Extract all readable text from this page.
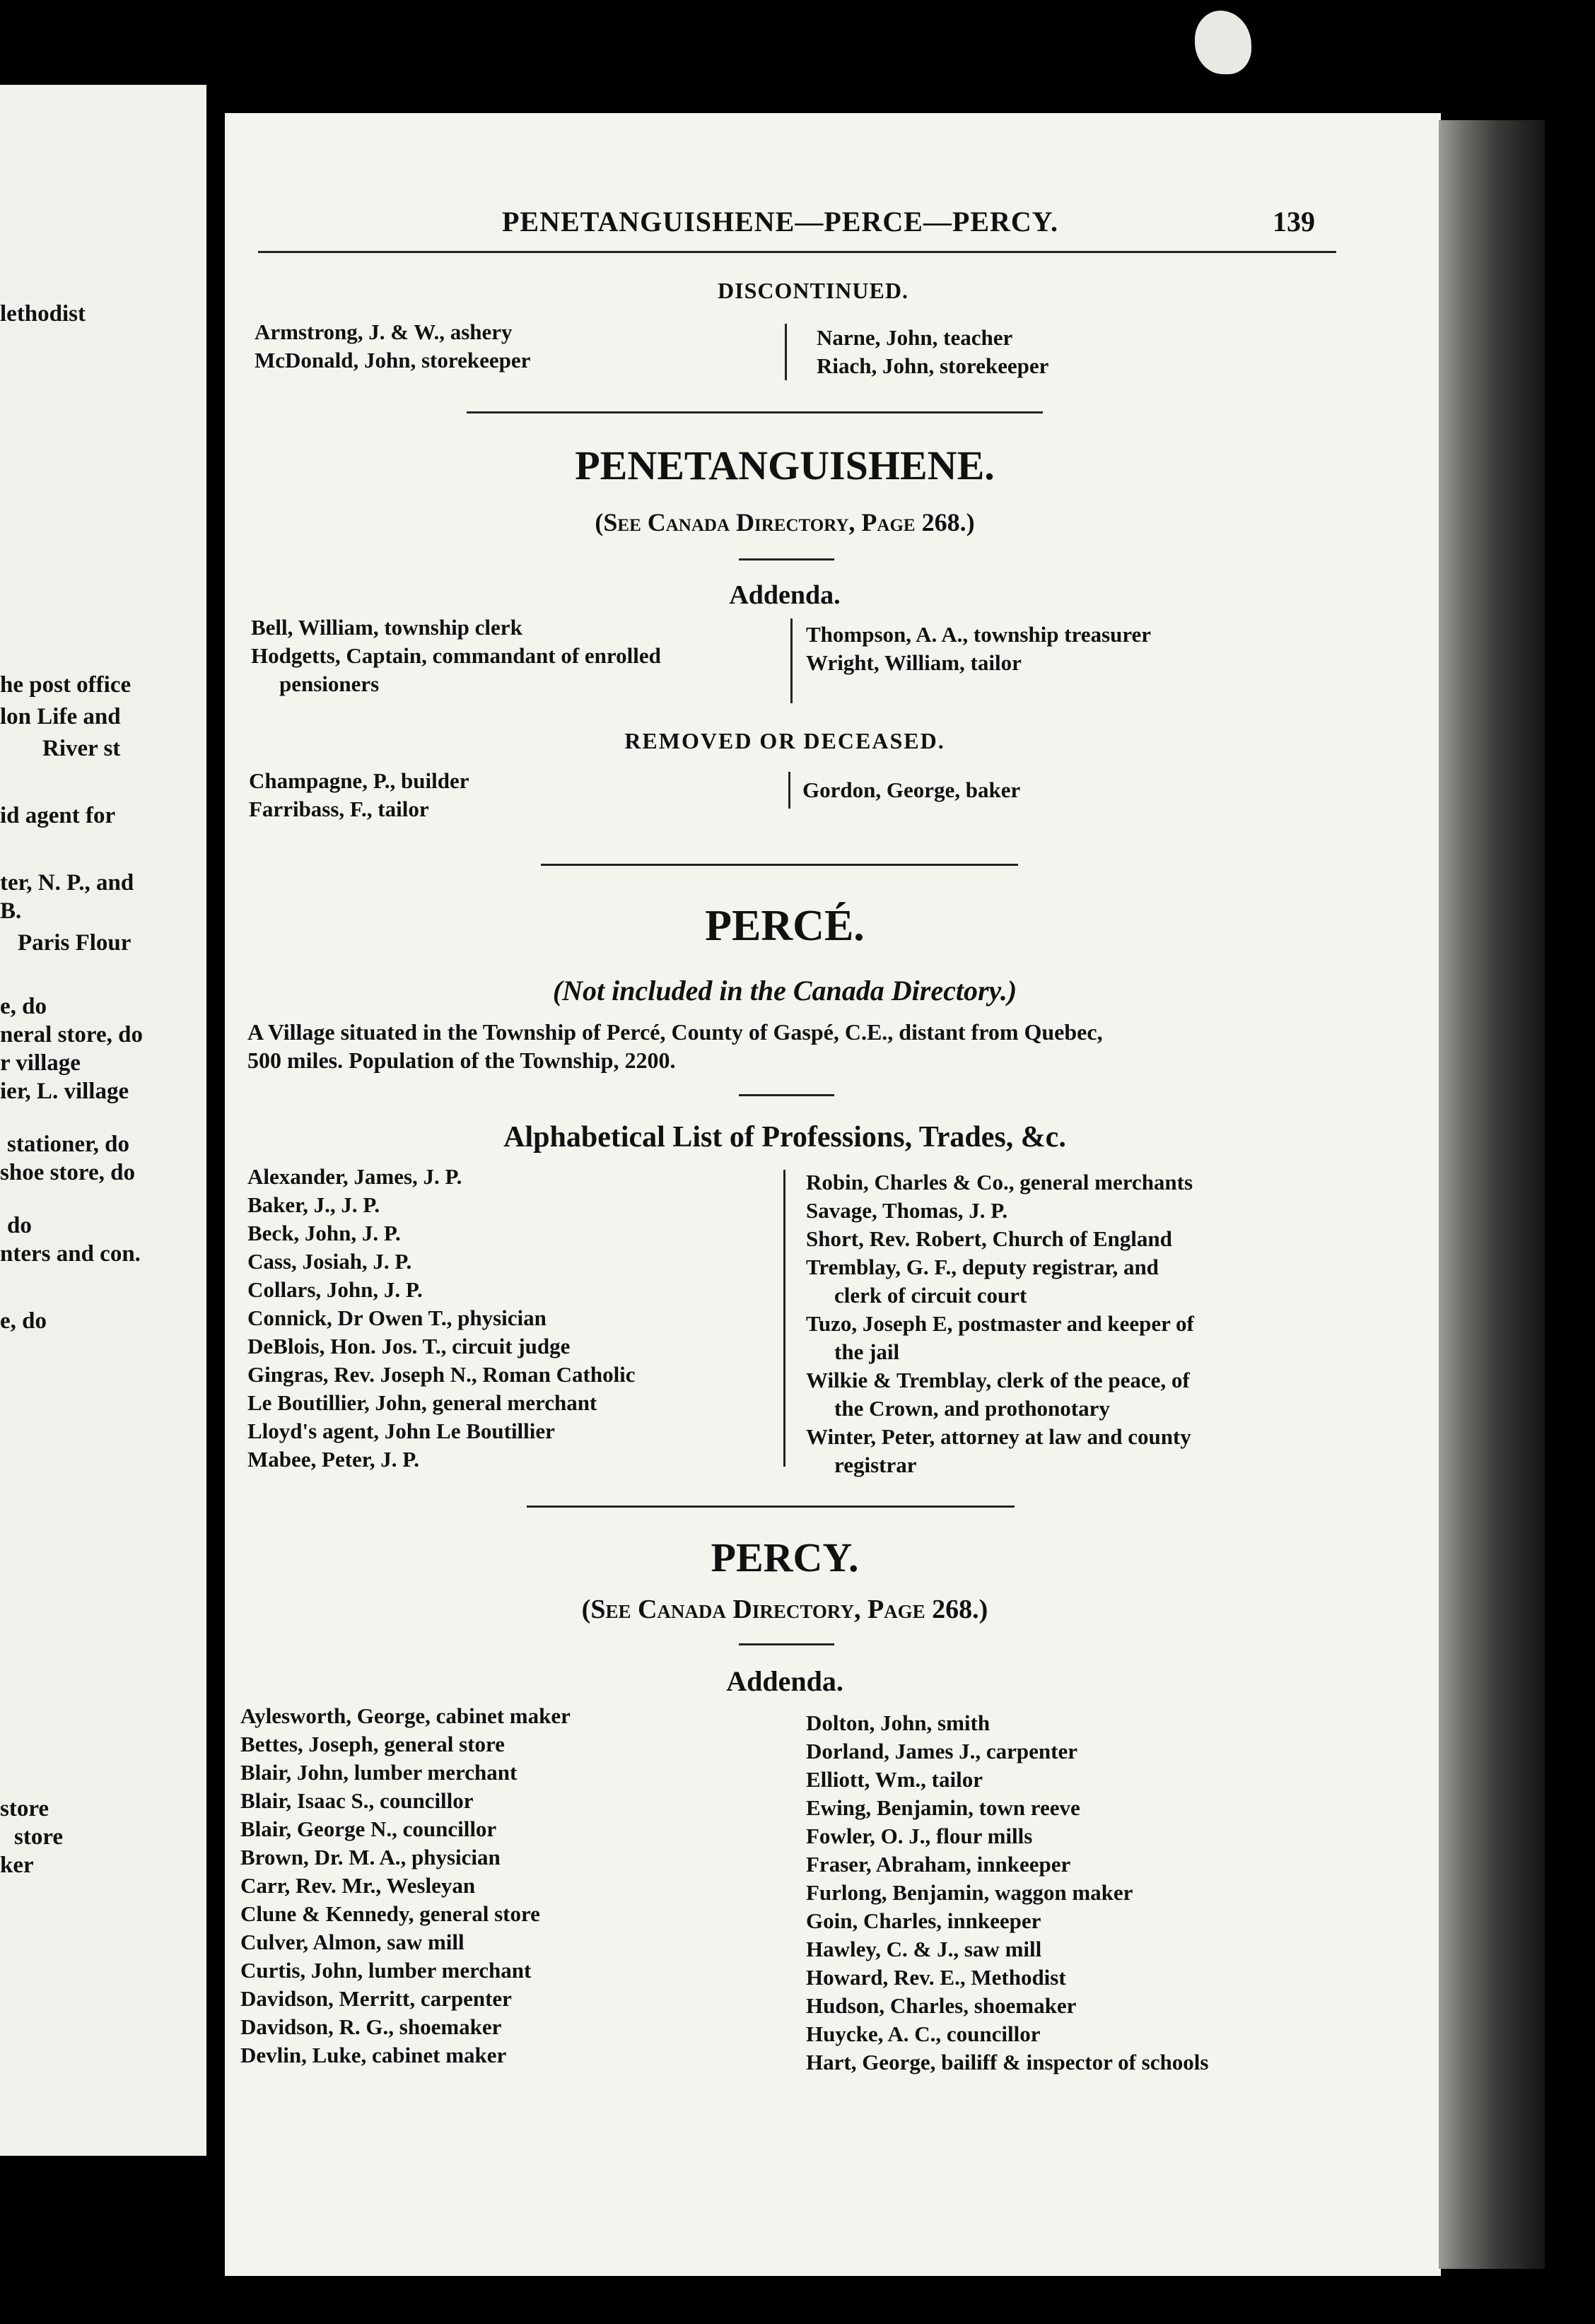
lethodist
he post office
lon Life and
River st
id agent for
ter, N. P., and
B.
Paris Flour
e, do
neral store, do
r village
ier, L. village
stationer, do
shoe store, do
do
nters and con.
e, do
store
store
ker
PENETANGUISHENE—PERCE—PERCY.	139
DISCONTINUED.
Armstrong, J. & W., ashery
McDonald, John, storekeeper
Narne, John, teacher
Riach, John, storekeeper
PENETANGUISHENE.
(See Canada Directory, Page 268.)
Addenda.
Bell, William, township clerk
Hodgetts, Captain, commandant of enrolled
pensioners
Thompson, A. A., township treasurer
Wright, William, tailor
REMOVED OR DECEASED.
Champagne, P., builder
Farribass, F., tailor
Gordon, George, baker
PERCÉ.
(Not included in the Canada Directory.)
A Village situated in the Township of Percé, County of Gaspé, C.E., distant from Quebec,
500 miles. Population of the Township, 2200.
Alphabetical List of Professions, Trades, &c.
Alexander, James, J. P.
Baker, J., J. P.
Beck, John, J. P.
Cass, Josiah, J. P.
Collars, John, J. P.
Connick, Dr Owen T., physician
DeBlois, Hon. Jos. T., circuit judge
Gingras, Rev. Joseph N., Roman Catholic
Le Boutillier, John, general merchant
Lloyd's agent, John Le Boutillier
Mabee, Peter, J. P.
Robin, Charles & Co., general merchants
Savage, Thomas, J. P.
Short, Rev. Robert, Church of England
Tremblay, G. F., deputy registrar, and
clerk of circuit court
Tuzo, Joseph E, postmaster and keeper of
the jail
Wilkie & Tremblay, clerk of the peace, of
the Crown, and prothonotary
Winter, Peter, attorney at law and county
registrar
PERCY.
(See Canada Directory, Page 268.)
Addenda.
Aylesworth, George, cabinet maker
Bettes, Joseph, general store
Blair, John, lumber merchant
Blair, Isaac S., councillor
Blair, George N., councillor
Brown, Dr. M. A., physician
Carr, Rev. Mr., Wesleyan
Clune & Kennedy, general store
Culver, Almon, saw mill
Curtis, John, lumber merchant
Davidson, Merritt, carpenter
Davidson, R. G., shoemaker
Devlin, Luke, cabinet maker
Dolton, John, smith
Dorland, James J., carpenter
Elliott, Wm., tailor
Ewing, Benjamin, town reeve
Fowler, O. J., flour mills
Fraser, Abraham, innkeeper
Furlong, Benjamin, waggon maker
Goin, Charles, innkeeper
Hawley, C. & J., saw mill
Howard, Rev. E., Methodist
Hudson, Charles, shoemaker
Huycke, A. C., councillor
Hart, George, bailiff & inspector of schools
